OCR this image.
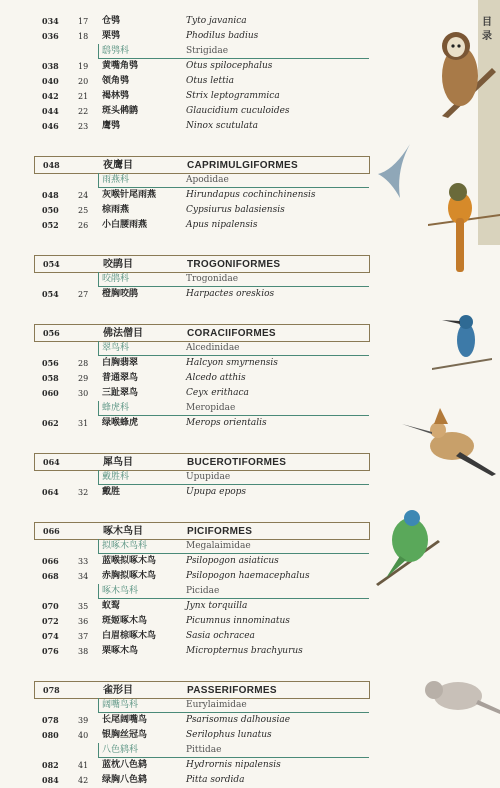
034 17 仓鸮	Tyto javanica
036 18 栗鸮	Phodilus badius
鸱鸮科	Strigidae
038 19 黄嘴角鸮	Otus spilocephalus
040 20 领角鸮	Otus lettia
042 21 褐林鸮	Strix leptogrammica
044 22 斑头鸺鹠	Glaucidium cuculoides
046 23 鹰鸮	Ninox scutulata
048	夜鹰目	CAPRIMULGIFORMES
雨燕科	Apodidae
048 24 灰喉针尾雨燕	Hirundapus cochinchinensis
050 25 棕雨燕	Cypsiurus balasiensis
052 26 小白腰雨燕	Apus nipalensis
054	咬鹃目	TROGONIFORMES
咬鹃科	Trogonidae
054 27 橙胸咬鹃	Harpactes oreskios
056	佛法僧目	CORACIIFORMES
翠鸟科	Alcedinidae
056 28 白胸翡翠	Halcyon smyrnensis
058 29 普通翠鸟	Alcedo atthis
060 30 三趾翠鸟	Ceyx erithaca
蜂虎科	Meropidae
062 31 绿喉蜂虎	Merops orientalis
064	犀鸟目	BUCEROTIFORMES
戴胜科	Upupidae
064 32 戴胜	Upupa epops
066	啄木鸟目	PICIFORMES
拟啄木鸟科	Megalaimidae
066 33 蓝喉拟啄木鸟	Psilopogon asiaticus
068 34 赤胸拟啄木鸟	Psilopogon haemacephalus
啄木鸟科	Picidae
070 35 蚁䴕	Jynx torquilla
072 36 斑姬啄木鸟	Picumnus innominatus
074 37 白眉棕啄木鸟	Sasia ochracea
076 38 栗啄木鸟	Micropternus brachyurus
078	雀形目	PASSERIFORMES
阔嘴鸟科	Eurylaimidae
078 39 长尾阔嘴鸟	Psarisomus dalhousiae
080 40 银胸丝冠鸟	Serilophus lunatus
八色鸫科	Pittidae
082 41 蓝枕八色鸫	Hydrornis nipalensis
084 42 绿胸八色鸫	Pitta sordida
目 录
